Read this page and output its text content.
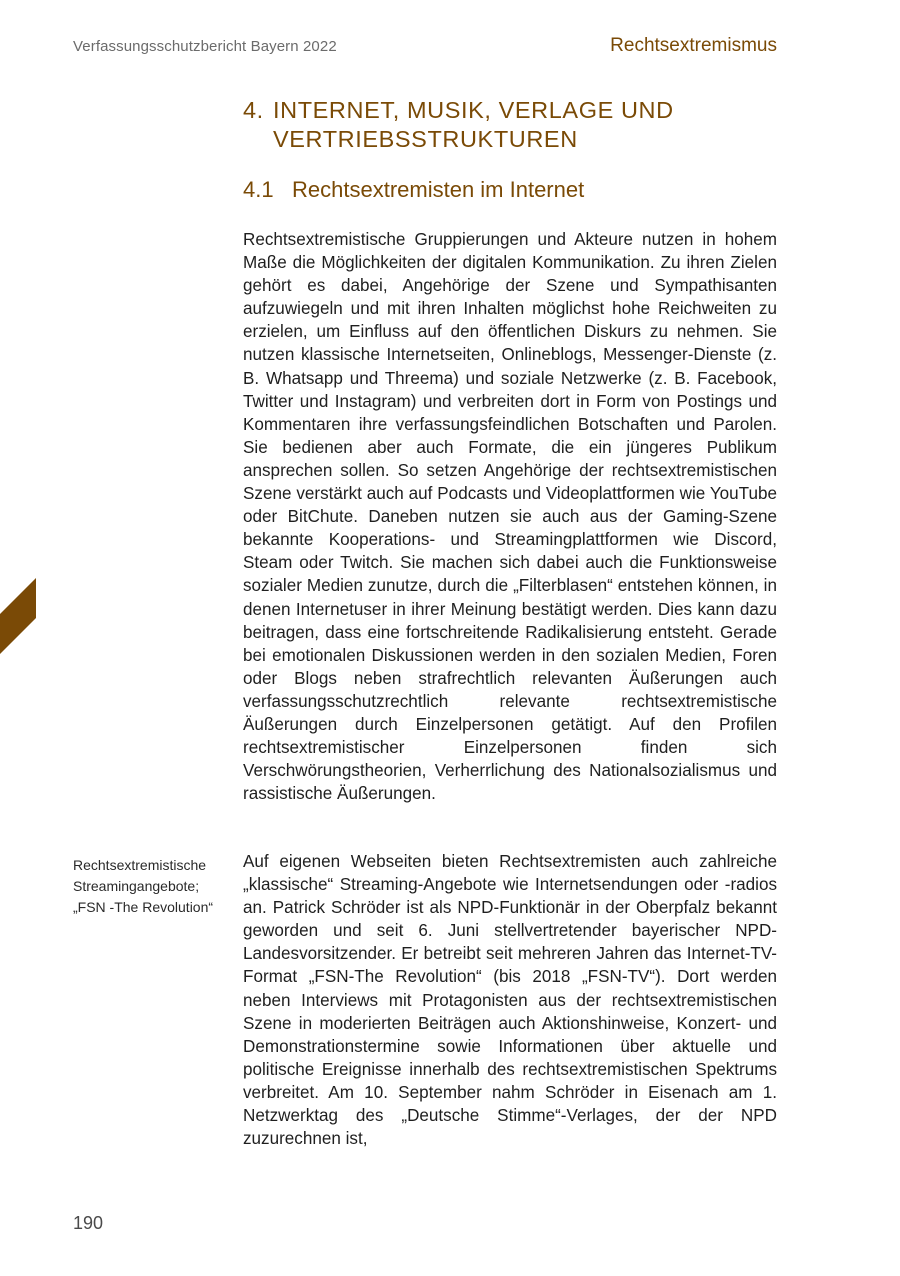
Verfassungsschutzbericht Bayern 2022	Rechtsextremismus
4. INTERNET, MUSIK, VERLAGE UND
VERTRIEBSSTRUKTUREN
4.1 Rechtsextremisten im Internet

Rechtsextremistische Gruppierungen und Akteure nutzen in hohem Maße die Möglichkeiten der digitalen Kommunikation. Zu ihren Zielen gehört es dabei, Angehörige der Szene und Sympathisanten aufzuwiegeln und mit ihren Inhalten möglichst hohe Reichweiten zu erzielen, um Einfluss auf den öffentlichen Diskurs zu nehmen. Sie nutzen klassische Internetseiten, Onlineblogs, Messenger-Dienste (z. B. Whatsapp und Threema) und soziale Netzwerke (z. B. Facebook, Twitter und Instagram) und verbreiten dort in Form von Postings und Kommentaren ihre verfassungsfeindlichen Botschaften und Parolen. Sie bedienen aber auch Formate, die ein jüngeres Publikum ansprechen sollen. So setzen Angehörige der rechtsextremistischen Szene verstärkt auch auf Podcasts und Videoplattformen wie YouTube oder BitChute. Daneben nutzen sie auch aus der Gaming-Szene bekannte Kooperations- und Streamingplattformen wie Discord, Steam oder Twitch. Sie machen sich dabei auch die Funktionsweise sozialer Medien zunutze, durch die „Filterblasen“ entstehen können, in denen Internetuser in ihrer Meinung bestätigt werden. Dies kann dazu beitragen, dass eine fortschreitende Radikalisierung entsteht. Gerade bei emotionalen Diskussionen werden in den sozialen Medien, Foren oder Blogs neben strafrechtlich relevanten Äußerungen auch verfassungsschutzrechtlich relevante rechtsextremistische Äußerungen durch Einzelpersonen getätigt. Auf den Profilen rechtsextremistischer Einzelpersonen finden sich Verschwörungstheorien, Verherrlichung des Nationalsozialismus und rassistische Äußerungen.

Rechtsextremistische Streamingangebote; „FSN -The Revolution“

Auf eigenen Webseiten bieten Rechtsextremisten auch zahlreiche „klassische“ Streaming-Angebote wie Internetsendungen oder -radios an. Patrick Schröder ist als NPD-Funktionär in der Oberpfalz bekannt geworden und seit 6. Juni stellvertretender bayerischer NPD-Landesvorsitzender. Er betreibt seit mehreren Jahren das Internet-TV-Format „FSN-The Revolution“ (bis 2018 „FSN-TV“). Dort werden neben Interviews mit Protagonisten aus der rechtsextremistischen Szene in moderierten Beiträgen auch Aktionshinweise, Konzert- und Demonstrationstermine sowie Informationen über aktuelle und politische Ereignisse innerhalb des rechtsextremistischen Spektrums verbreitet. Am 10. September nahm Schröder in Eisenach am 1. Netzwerktag des „Deutsche Stimme“-Verlages, der der NPD zuzurechnen ist,

190
